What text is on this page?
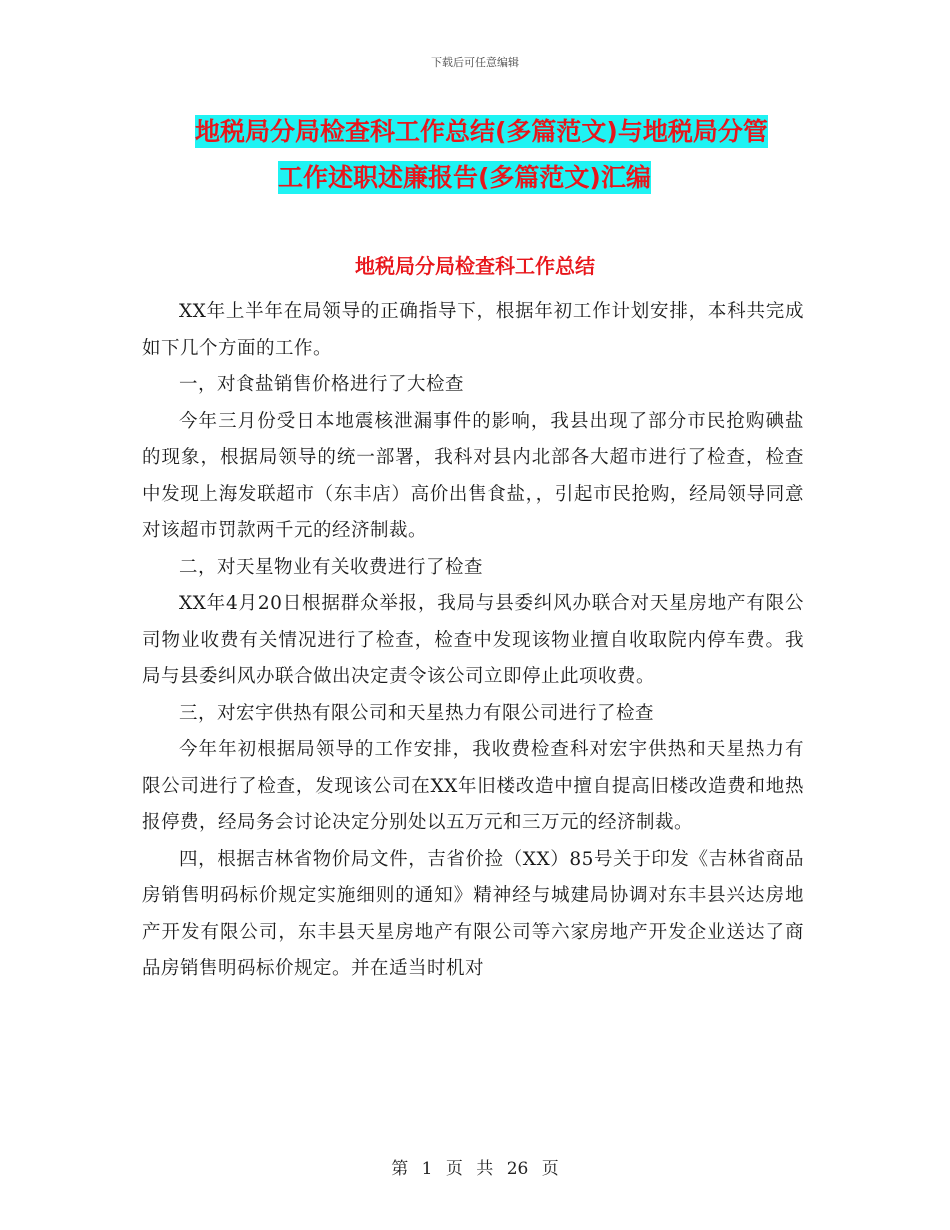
下载后可任意编辑
地税局分局检查科工作总结(多篇范文)与地税局分管
工作述职述廉报告(多篇范文)汇编
地税局分局检查科工作总结

XX年上半年在局领导的正确指导下，根据年初工作计划安排，本科共完成如下几个方面的工作。

一，对食盐销售价格进行了大检查

今年三月份受日本地震核泄漏事件的影响，我县出现了部分市民抢购碘盐的现象，根据局领导的统一部署，我科对县内北部各大超市进行了检查，检查中发现上海发联超市（东丰店）高价出售食盐，，引起市民抢购，经局领导同意对该超市罚款两千元的经济制裁。

二，对天星物业有关收费进行了检查

XX年4月20日根据群众举报，我局与县委纠风办联合对天星房地产有限公司物业收费有关情况进行了检查，检查中发现该物业擅自收取院内停车费。我局与县委纠风办联合做出决定责令该公司立即停止此项收费。

三，对宏宇供热有限公司和天星热力有限公司进行了检查

今年年初根据局领导的工作安排，我收费检查科对宏宇供热和天星热力有限公司进行了检查，发现该公司在XX年旧楼改造中擅自提高旧楼改造费和地热报停费，经局务会讨论决定分别处以五万元和三万元的经济制裁。

四，根据吉林省物价局文件，吉省价捡（XX）85号关于印发《吉林省商品房销售明码标价规定实施细则的通知》精神经与城建局协调对东丰县兴达房地产开发有限公司，东丰县天星房地产有限公司等六家房地产开发企业送达了商品房销售明码标价规定。并在适当时机对

第 1 页 共 26 页
